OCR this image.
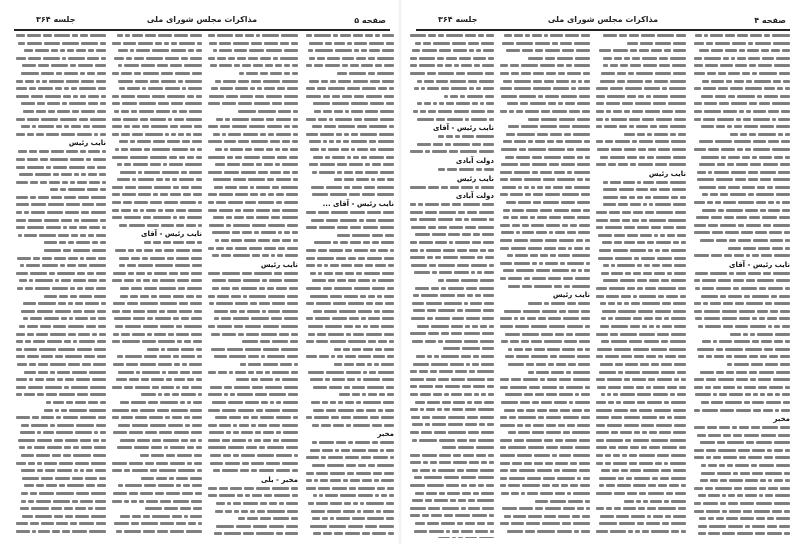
صفحه ۵
مذاکرات مجلس شورای ملی
جلسه ۳۶۴
نایب رئیس - آقای ...
مخبر
نایب رئیس
مخبر - بلی
نایب رئیس - آقای
نایب رئیس
صفحه ۴
مذاکرات مجلس شورای ملی
جلسه ۳۶۴
نایب رئیس - آقای
مخبر
نایب رئیس
نایب رئیس
نایب رئیس - آقای
دولت آبادی
نایب رئیس
دولت آبادی
